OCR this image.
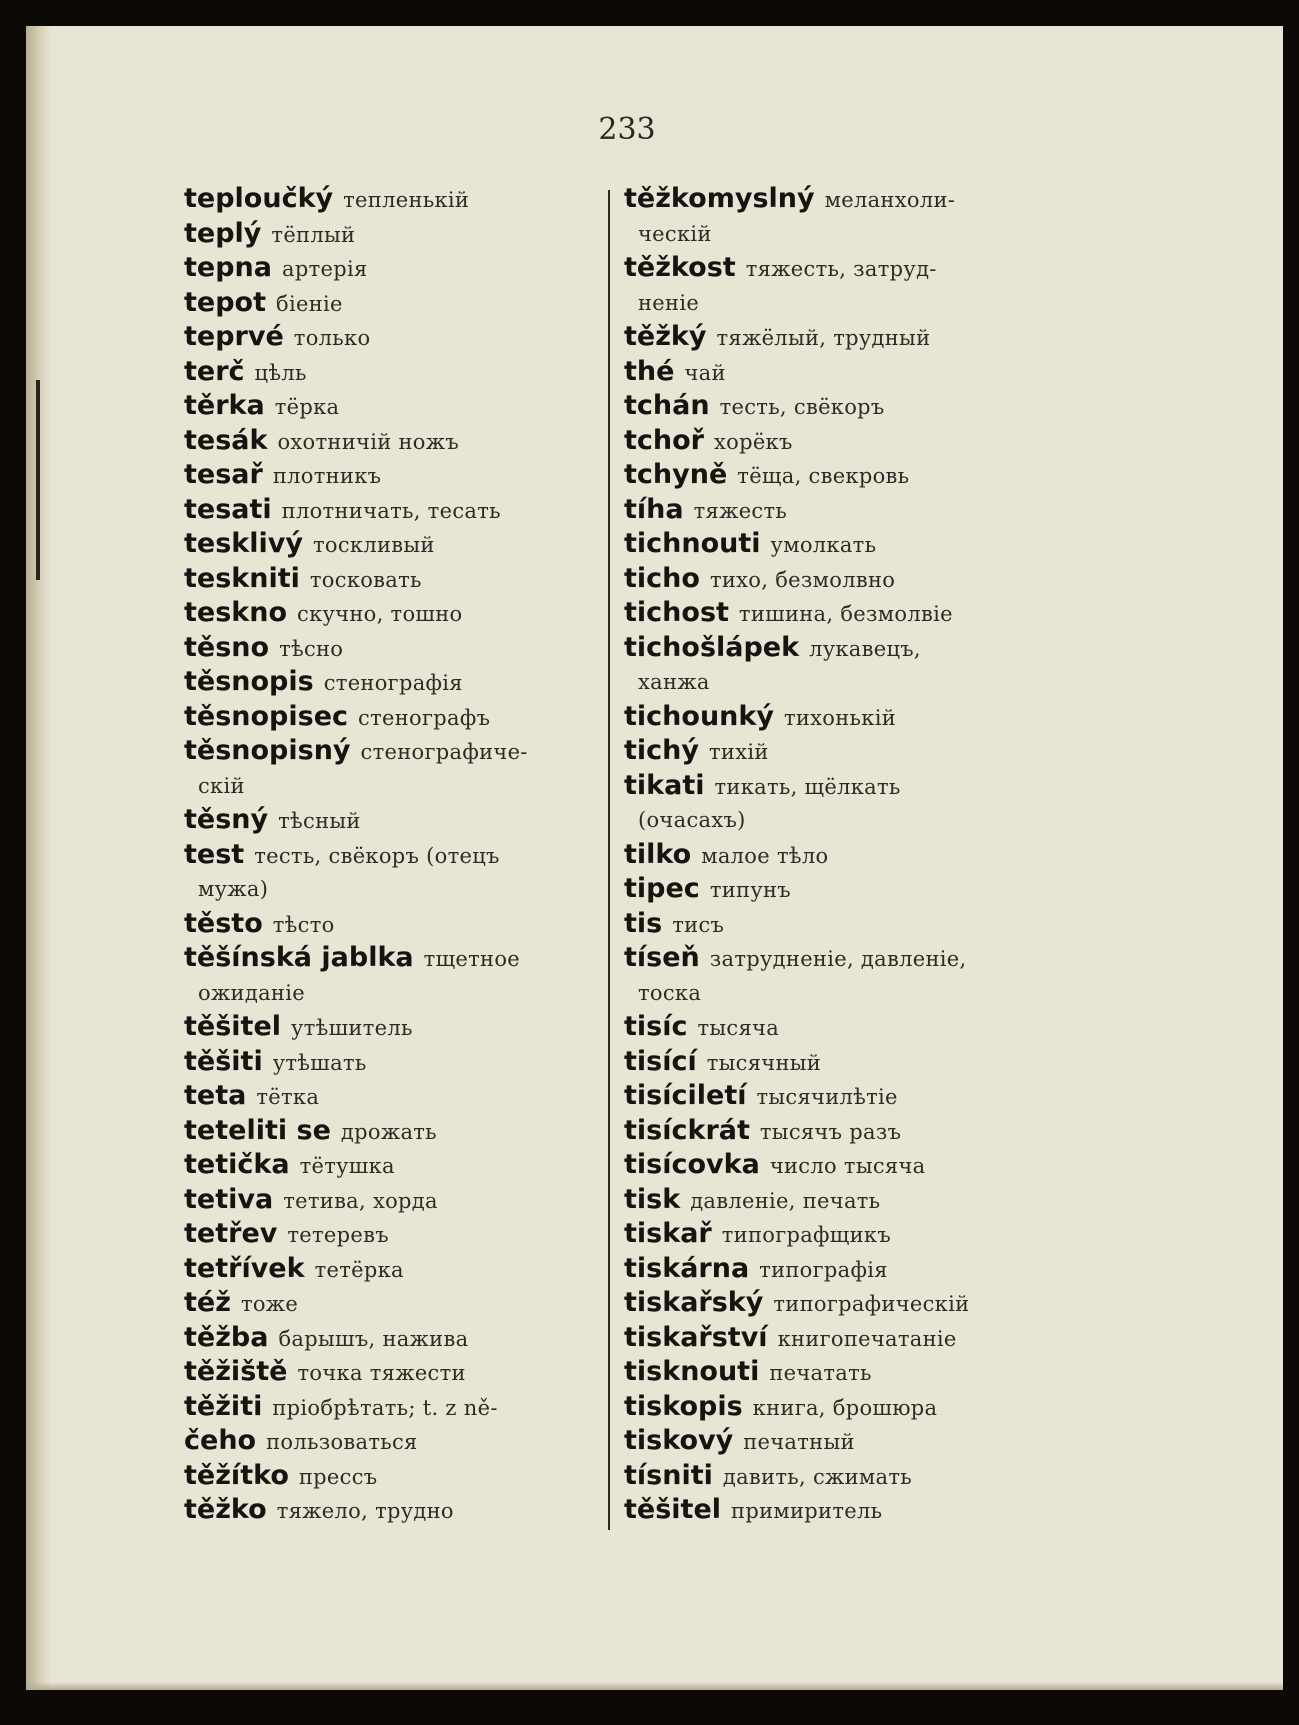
233
teploučký тепленькій
teplý тёплый
tepna артерія
tepot біеніе
teprvé только
terč цѣль
těrka тёрка
tesák охотничій ножъ
tesař плотникъ
tesati плотничать, тесать
tesklivý тоскливый
teskniti тосковать
teskno скучно, тошно
těsno тѣсно
těsnopis стенографія
těsnopisec стенографъ
těsnopisný стенографиче-
скій
těsný тѣсный
test тесть, свёкоръ (отецъ
мужа)
těsto тѣсто
těšínská jablka тщетное
ожиданіе
těšitel утѣшитель
těšiti утѣшать
teta тётка
teteliti se дрожать
tetička тётушка
tetiva тетива, хорда
tetřev тетеревъ
tetřívek тетёрка
též тоже
těžba барышъ, нажива
těžiště точка тяжести
těžiti пріобрѣтать; t. z ně-
čeho пользоваться
těžítko прессъ
těžko тяжело, трудно
těžkomyslný меланхоли-
ческій
těžkost тяжесть, затруд-
неніе
těžký тяжёлый, трудный
thé чай
tchán тесть, свёкоръ
tchoř хорёкъ
tchyně тёща, свекровь
tíha тяжесть
tichnouti умолкать
ticho тихо, безмолвно
tichost тишина, безмолвіе
tichošlápek лукавецъ,
ханжа
tichounký тихонькій
tichý тихій
tikati тикать, щёлкать
(очасахъ)
tilko малое тѣло
tipec типунъ
tis тисъ
tíseň затрудненіе, давленіе,
тоска
tisíc тысяча
tisící тысячный
tisíciletí тысячилѣтіе
tisíckrát тысячъ разъ
tisícovka число тысяча
tisk давленіе, печать
tiskař типографщикъ
tiskárna типографія
tiskařský типографическій
tiskařství книгопечатаніе
tisknouti печатать
tiskopis книга, брошюра
tiskový печатный
tísniti давить, сжимать
těšitel примиритель
